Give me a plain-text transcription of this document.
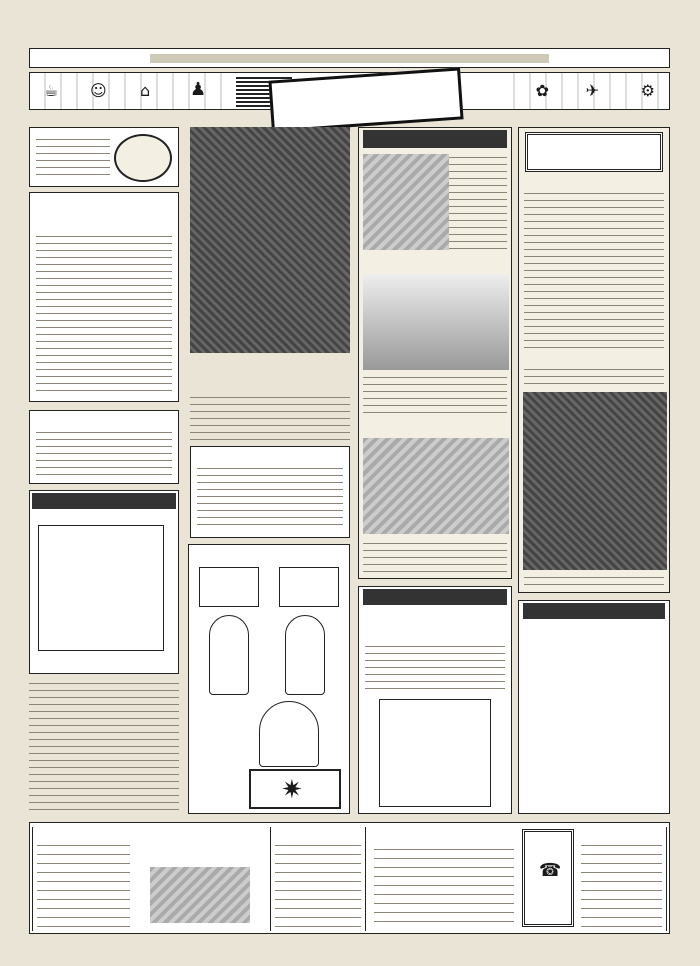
☕ ☺ ⌂ ♟	⚙
✈
✿
✷
☎
